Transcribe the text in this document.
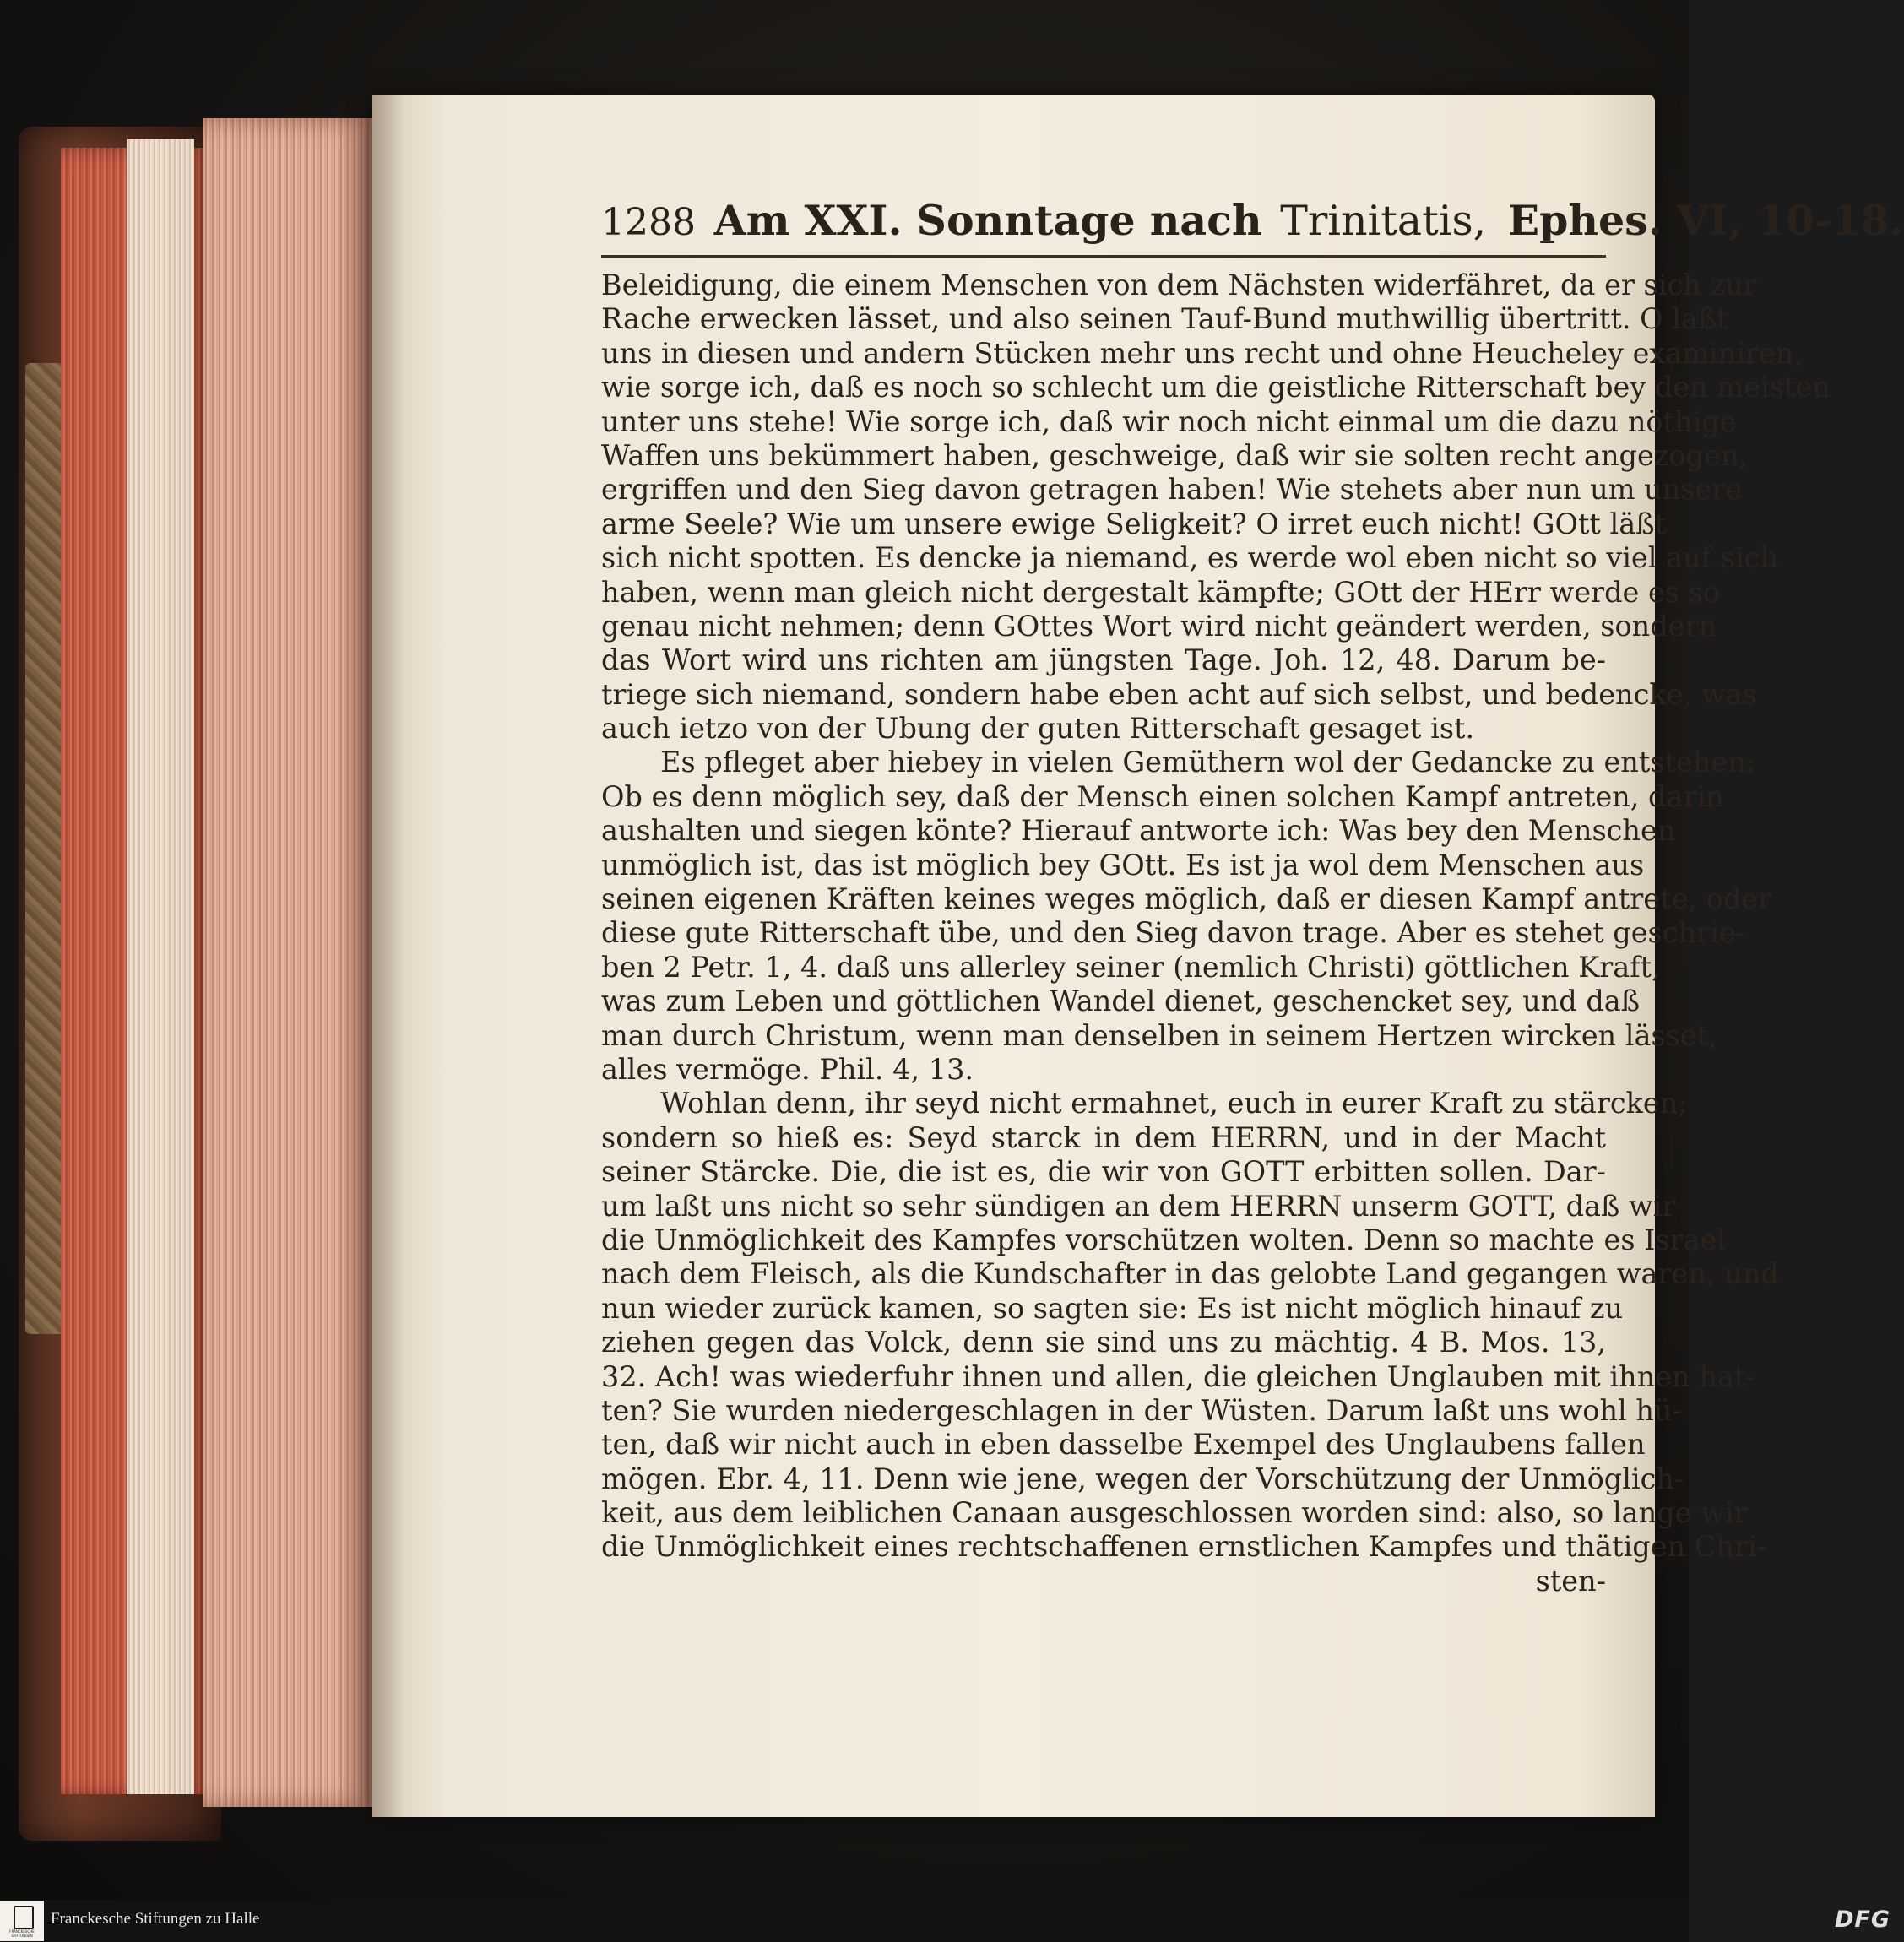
1288 Am XXI. Sonntage nach Trinitatis, Ephes. VI, 10-18.
Beleidigung, die einem Menschen von dem Nächsten widerfähret, da er sich zur
Rache erwecken lässet, und also seinen Tauf-Bund muthwillig übertritt. O laßt
uns in diesen und andern Stücken mehr uns recht und ohne Heucheley examiniren,
wie sorge ich, daß es noch so schlecht um die geistliche Ritterschaft bey den meisten
unter uns stehe! Wie sorge ich, daß wir noch nicht einmal um die dazu nöthige
Waffen uns bekümmert haben, geschweige, daß wir sie solten recht angezogen,
ergriffen und den Sieg davon getragen haben! Wie stehets aber nun um unsere
arme Seele? Wie um unsere ewige Seligkeit? O irret euch nicht! GOtt läßt
sich nicht spotten. Es dencke ja niemand, es werde wol eben nicht so viel auf sich
haben, wenn man gleich nicht dergestalt kämpfte; GOtt der HErr werde es so
genau nicht nehmen; denn GOttes Wort wird nicht geändert werden, sondern
das Wort wird uns richten am jüngsten Tage. Joh. 12, 48. Darum be-
triege sich niemand, sondern habe eben acht auf sich selbst, und bedencke, was
auch ietzo von der Ubung der guten Ritterschaft gesaget ist.
Es pfleget aber hiebey in vielen Gemüthern wol der Gedancke zu entstehen:
Ob es denn möglich sey, daß der Mensch einen solchen Kampf antreten, darin
aushalten und siegen könte? Hierauf antworte ich: Was bey den Menschen
unmöglich ist, das ist möglich bey GOtt. Es ist ja wol dem Menschen aus
seinen eigenen Kräften keines weges möglich, daß er diesen Kampf antrete, oder
diese gute Ritterschaft übe, und den Sieg davon trage. Aber es stehet geschrie-
ben 2 Petr. 1, 4. daß uns allerley seiner (nemlich Christi) göttlichen Kraft,
was zum Leben und göttlichen Wandel dienet, geschencket sey, und daß
man durch Christum, wenn man denselben in seinem Hertzen wircken lässet,
alles vermöge. Phil. 4, 13.
Wohlan denn, ihr seyd nicht ermahnet, euch in eurer Kraft zu stärcken;
sondern so hieß es: Seyd starck in dem HERRN, und in der Macht
seiner Stärcke. Die, die ist es, die wir von GOTT erbitten sollen. Dar-
um laßt uns nicht so sehr sündigen an dem HERRN unserm GOTT, daß wir
die Unmöglichkeit des Kampfes vorschützen wolten. Denn so machte es Israel
nach dem Fleisch, als die Kundschafter in das gelobte Land gegangen waren, und
nun wieder zurück kamen, so sagten sie: Es ist nicht möglich hinauf zu
ziehen gegen das Volck, denn sie sind uns zu mächtig. 4 B. Mos. 13,
32. Ach! was wiederfuhr ihnen und allen, die gleichen Unglauben mit ihnen hat-
ten? Sie wurden niedergeschlagen in der Wüsten. Darum laßt uns wohl hü-
ten, daß wir nicht auch in eben dasselbe Exempel des Unglaubens fallen
mögen. Ebr. 4, 11. Denn wie jene, wegen der Vorschützung der Unmöglich-
keit, aus dem leiblichen Canaan ausgeschlossen worden sind: also, so lange wir
die Unmöglichkeit eines rechtschaffenen ernstlichen Kampfes und thätigen Chri-
sten-
FRANCKESCHE STIFTUNGEN
Franckesche Stiftungen zu Halle	DFG
